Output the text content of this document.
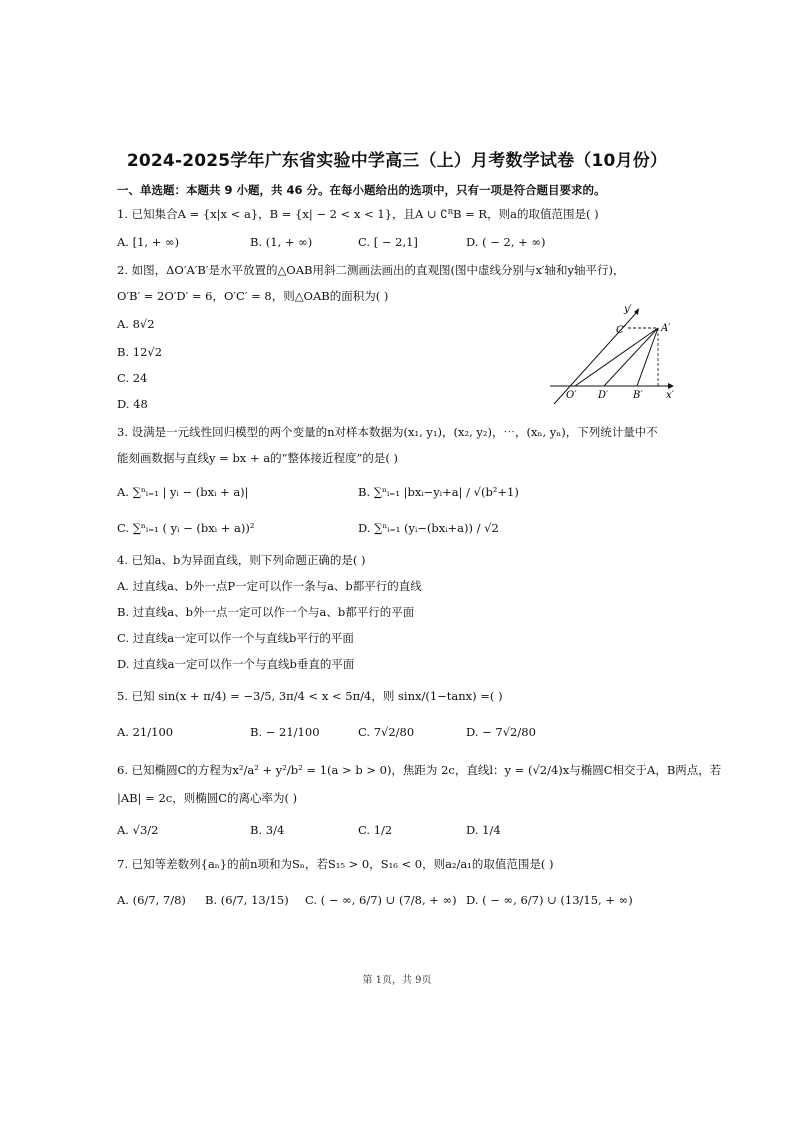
2024-2025学年广东省实验中学高三（上）月考数学试卷（10月份）
一、单选题：本题共 9 小题，共 46 分。在每小题给出的选项中，只有一项是符合题目要求的。
1. 已知集合A = {x|x < a}，B = {x| − 2 < x < 1}，且A ∪ ∁ᴿB = R，则a的取值范围是( )
A. [1, + ∞)	B. (1, + ∞)	C. [ − 2,1]	D. ( − 2, + ∞)
2. 如图，ΔO′A′B′是水平放置的△OAB用斜二测画法画出的直观图(图中虚线分别与x′轴和y轴平行)，
O′B′ = 2O′D′ = 6，O′C′ = 8，则△OAB的面积为( )
A. 8√2
B. 12√2
C. 24
D. 48
y′
x′
O′ D′ B′
C′	A′
3. 设满是一元线性回归模型的两个变量的n对样本数据为(x₁, y₁)，(x₂, y₂)，⋯，(xₙ, yₙ)，下列统计量中不
能刻画数据与直线y = bx + a的“整体接近程度”的是( )
A. ∑ⁿᵢ₌₁ | yᵢ − (bxᵢ + a)|	B. ∑ⁿᵢ₌₁ |bxᵢ−yᵢ+a| / √(b²+1)
C. ∑ⁿᵢ₌₁ ( yᵢ − (bxᵢ + a))²	D. ∑ⁿᵢ₌₁ (yᵢ−(bxᵢ+a)) / √2
4. 已知a、b为异面直线，则下列命题正确的是( )
A. 过直线a、b外一点P一定可以作一条与a、b都平行的直线
B. 过直线a、b外一点一定可以作一个与a、b都平行的平面
C. 过直线a一定可以作一个与直线b平行的平面
D. 过直线a一定可以作一个与直线b垂直的平面
5. 已知 sin(x + π/4) = −3/5, 3π/4 < x < 5π/4，则 sinx/(1−tanx) =( )
A. 21/100	B. − 21/100	C. 7√2/80	D. − 7√2/80
6. 已知椭圆C的方程为x²/a² + y²/b² = 1(a > b > 0)，焦距为 2c，直线l：y = (√2/4)x与椭圆C相交于A，B两点，若
|AB| = 2c，则椭圆C的离心率为( )
A. √3/2	B. 3/4	C. 1/2	D. 1/4
7. 已知等差数列{aₙ}的前n项和为Sₙ，若S₁₅ > 0，S₁₆ < 0，则a₂/a₁的取值范围是( )
A. (6/7, 7/8) B. (6/7, 13/15) C. ( − ∞, 6/7) ∪ (7/8, + ∞) D. ( − ∞, 6/7) ∪ (13/15, + ∞)
第 1页，共 9页
